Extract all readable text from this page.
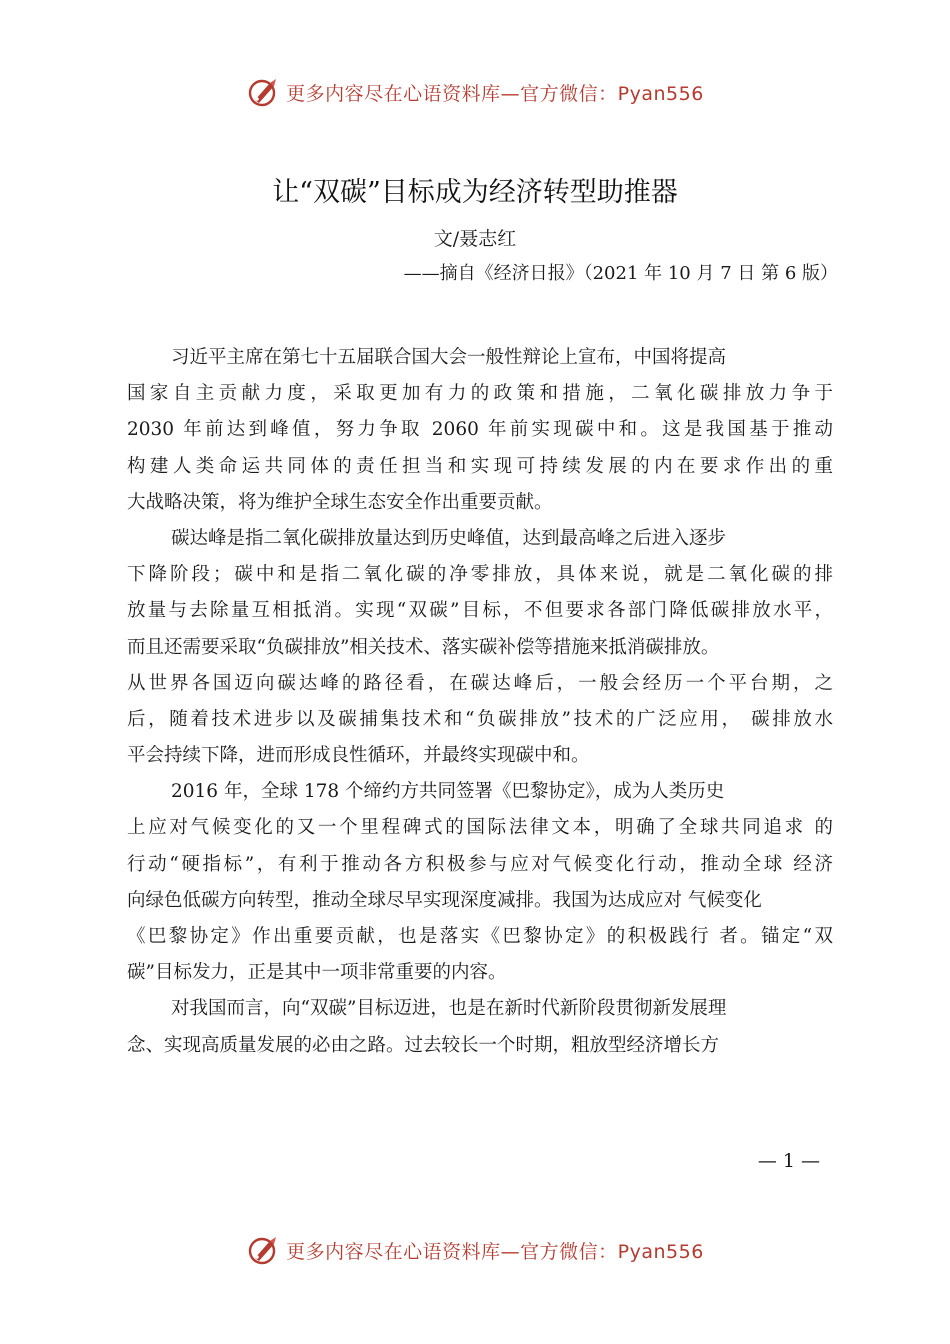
更多内容尽在心语资料库—官方微信：Pyan556
让“双碳”目标成为经济转型助推器
文/聂志红
——摘自《经济日报》（2021 年 10 月 7 日 第 6 版）
习近平主席在第七十五届联合国大会一般性辩论上宣布，中国将提高
国家自主贡献力度，采取更加有力的政策和措施，二氧化碳排放力争于
2030 年前达到峰值，努力争取 2060 年前实现碳中和。这是我国基于推动
构建人类命运共同体的责任担当和实现可持续发展的内在要求作出的重
大战略决策，将为维护全球生态安全作出重要贡献。
碳达峰是指二氧化碳排放量达到历史峰值，达到最高峰之后进入逐步
下降阶段；碳中和是指二氧化碳的净零排放，具体来说，就是二氧化碳的排
放量与去除量互相抵消。实现“双碳”目标，不但要求各部门降低碳排放水平，
而且还需要采取“负碳排放”相关技术、落实碳补偿等措施来抵消碳排放。
从世界各国迈向碳达峰的路径看，在碳达峰后，一般会经历一个平台期，之
后，随着技术进步以及碳捕集技术和“负碳排放”技术的广泛应用， 碳排放水
平会持续下降，进而形成良性循环，并最终实现碳中和。
2016 年，全球 178 个缔约方共同签署《巴黎协定》，成为人类历史
上应对气候变化的又一个里程碑式的国际法律文本，明确了全球共同追求 的
行动“硬指标”，有利于推动各方积极参与应对气候变化行动，推动全球 经济
向绿色低碳方向转型，推动全球尽早实现深度减排。我国为达成应对 气候变化
《巴黎协定》作出重要贡献，也是落实《巴黎协定》的积极践行 者。锚定“双
碳”目标发力，正是其中一项非常重要的内容。
对我国而言，向“双碳”目标迈进，也是在新时代新阶段贯彻新发展理
念、实现高质量发展的必由之路。过去较长一个时期，粗放型经济增长方
— 1 —
更多内容尽在心语资料库—官方微信：Pyan556
